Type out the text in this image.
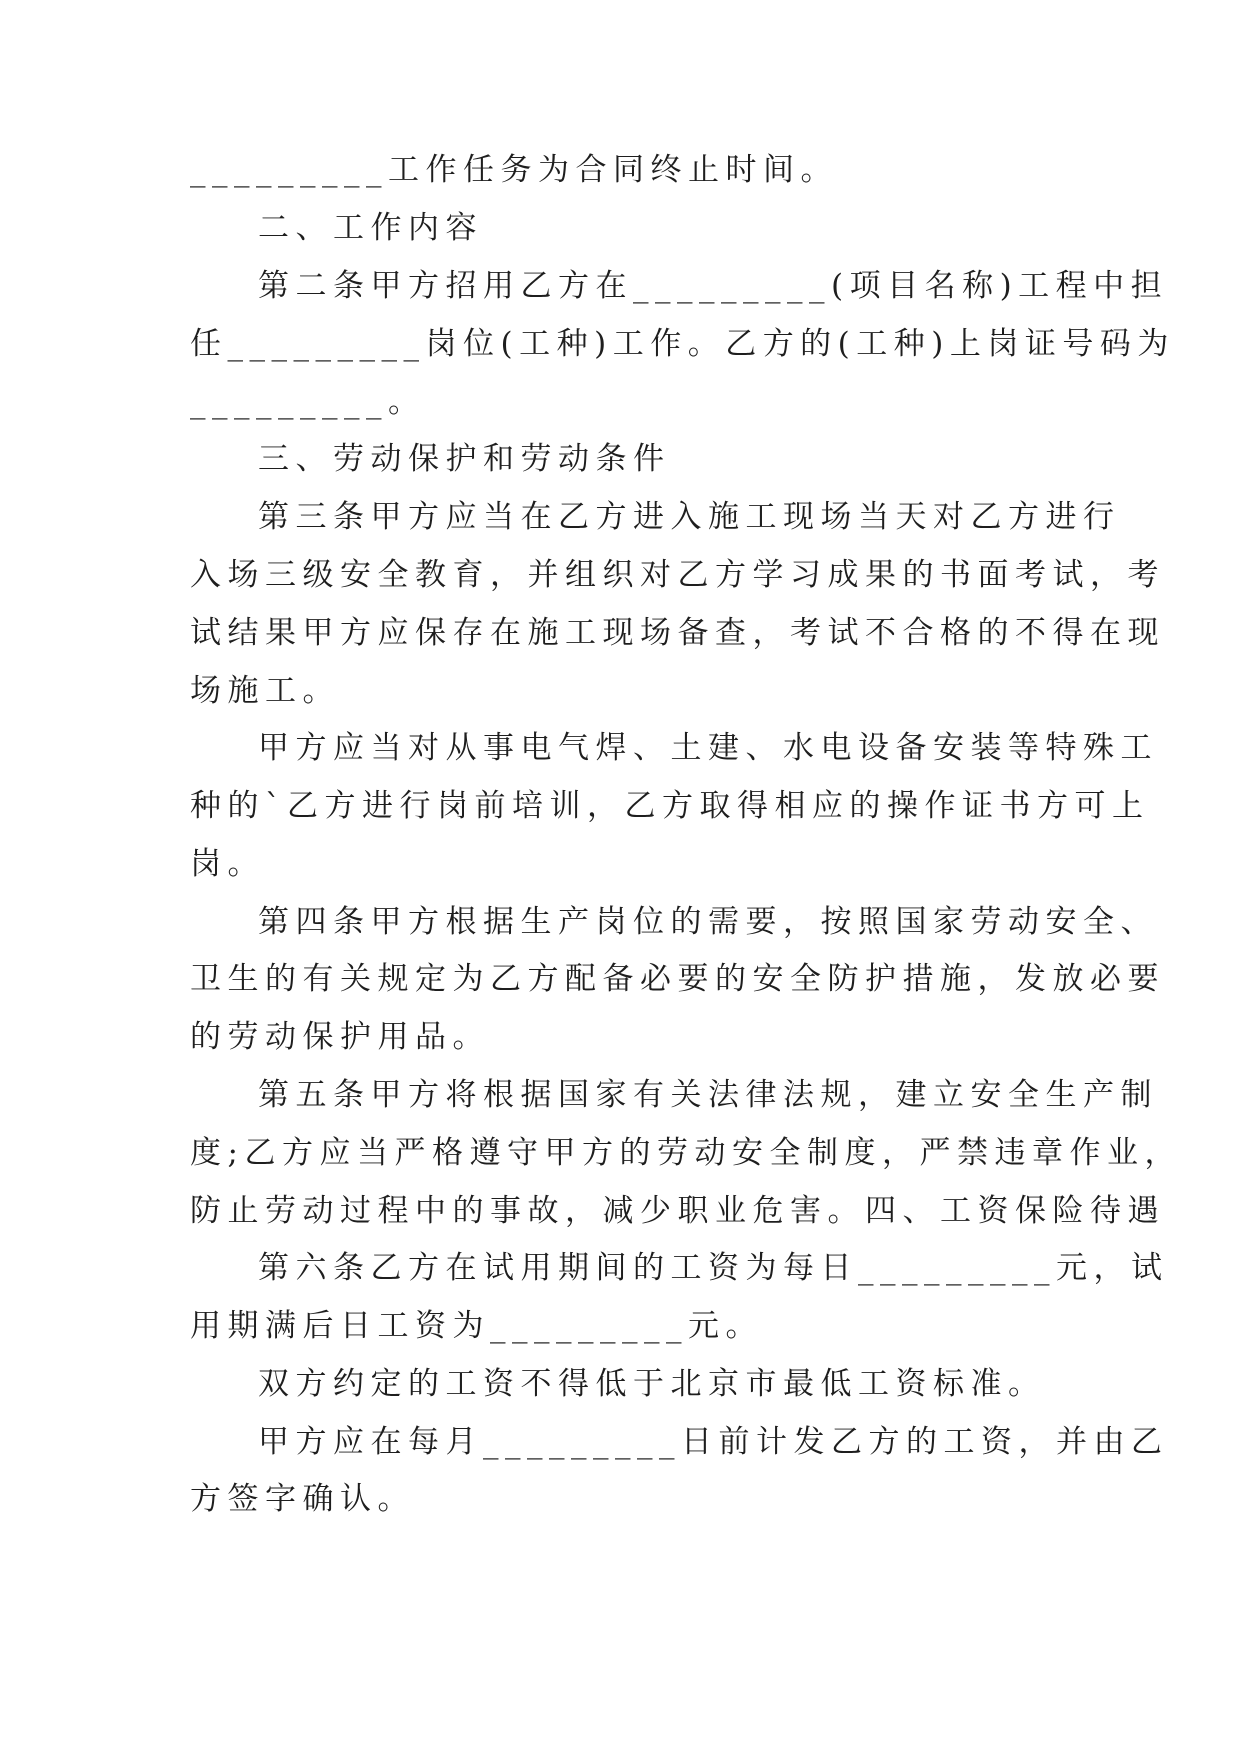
_________工作任务为合同终止时间。
二、工作内容
第二条甲方招用乙方在_________(项目名称)工程中担
任_________岗位(工种)工作。乙方的(工种)上岗证号码为
_________。
三、劳动保护和劳动条件
第三条甲方应当在乙方进入施工现场当天对乙方进行
入场三级安全教育，并组织对乙方学习成果的书面考试，考
试结果甲方应保存在施工现场备查，考试不合格的不得在现
场施工。
甲方应当对从事电气焊、土建、水电设备安装等特殊工
种的`乙方进行岗前培训，乙方取得相应的操作证书方可上
岗。
第四条甲方根据生产岗位的需要，按照国家劳动安全、
卫生的有关规定为乙方配备必要的安全防护措施，发放必要
的劳动保护用品。
第五条甲方将根据国家有关法律法规，建立安全生产制
度;乙方应当严格遵守甲方的劳动安全制度，严禁违章作业，
防止劳动过程中的事故，减少职业危害。四、工资保险待遇
第六条乙方在试用期间的工资为每日_________元，试
用期满后日工资为_________元。
双方约定的工资不得低于北京市最低工资标准。
甲方应在每月_________日前计发乙方的工资，并由乙
方签字确认。
